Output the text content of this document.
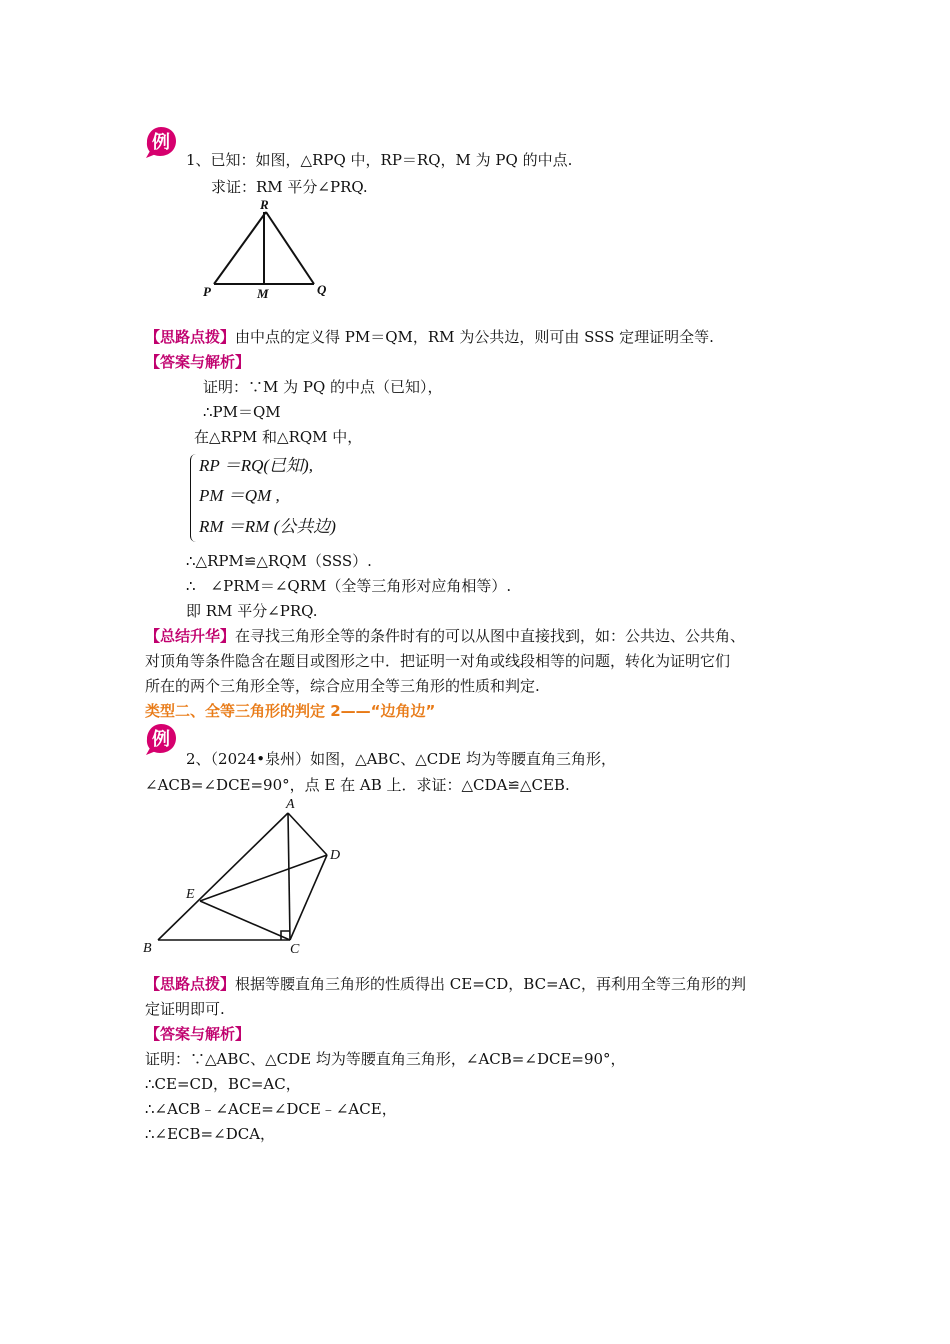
例
1、已知：如图，△RPQ 中，RP＝RQ，M 为 PQ 的中点.
求证：RM 平分∠PRQ.
R
P	M	Q
【思路点拨】由中点的定义得 PM＝QM，RM 为公共边，则可由 SSS 定理证明全等.
【答案与解析】
证明：∵M 为 PQ 的中点（已知），
∴PM＝QM
在△RPM 和△RQM 中，
RP ＝RQ(已知),
PM ＝QM ,
RM ＝RM (公共边)
∴△RPM≌△RQM（SSS）.
∴　∠PRM＝∠QRM（全等三角形对应角相等）.
即 RM 平分∠PRQ.
【总结升华】在寻找三角形全等的条件时有的可以从图中直接找到，如：公共边、公共角、
对顶角等条件隐含在题目或图形之中．把证明一对角或线段相等的问题，转化为证明它们
所在的两个三角形全等，综合应用全等三角形的性质和判定.
类型二、全等三角形的判定 2——“边角边”
例
2、（2024•泉州）如图，△ABC、△CDE 均为等腰直角三角形，
∠ACB=∠DCE=90°，点 E 在 AB 上．求证：△CDA≌△CEB.
A
B	C
D
E
【思路点拨】根据等腰直角三角形的性质得出 CE=CD，BC=AC，再利用全等三角形的判
定证明即可.
【答案与解析】
证明：∵△ABC、△CDE 均为等腰直角三角形，∠ACB=∠DCE=90°，
∴CE=CD，BC=AC，
∴∠ACB﹣∠ACE=∠DCE﹣∠ACE，
∴∠ECB=∠DCA，
